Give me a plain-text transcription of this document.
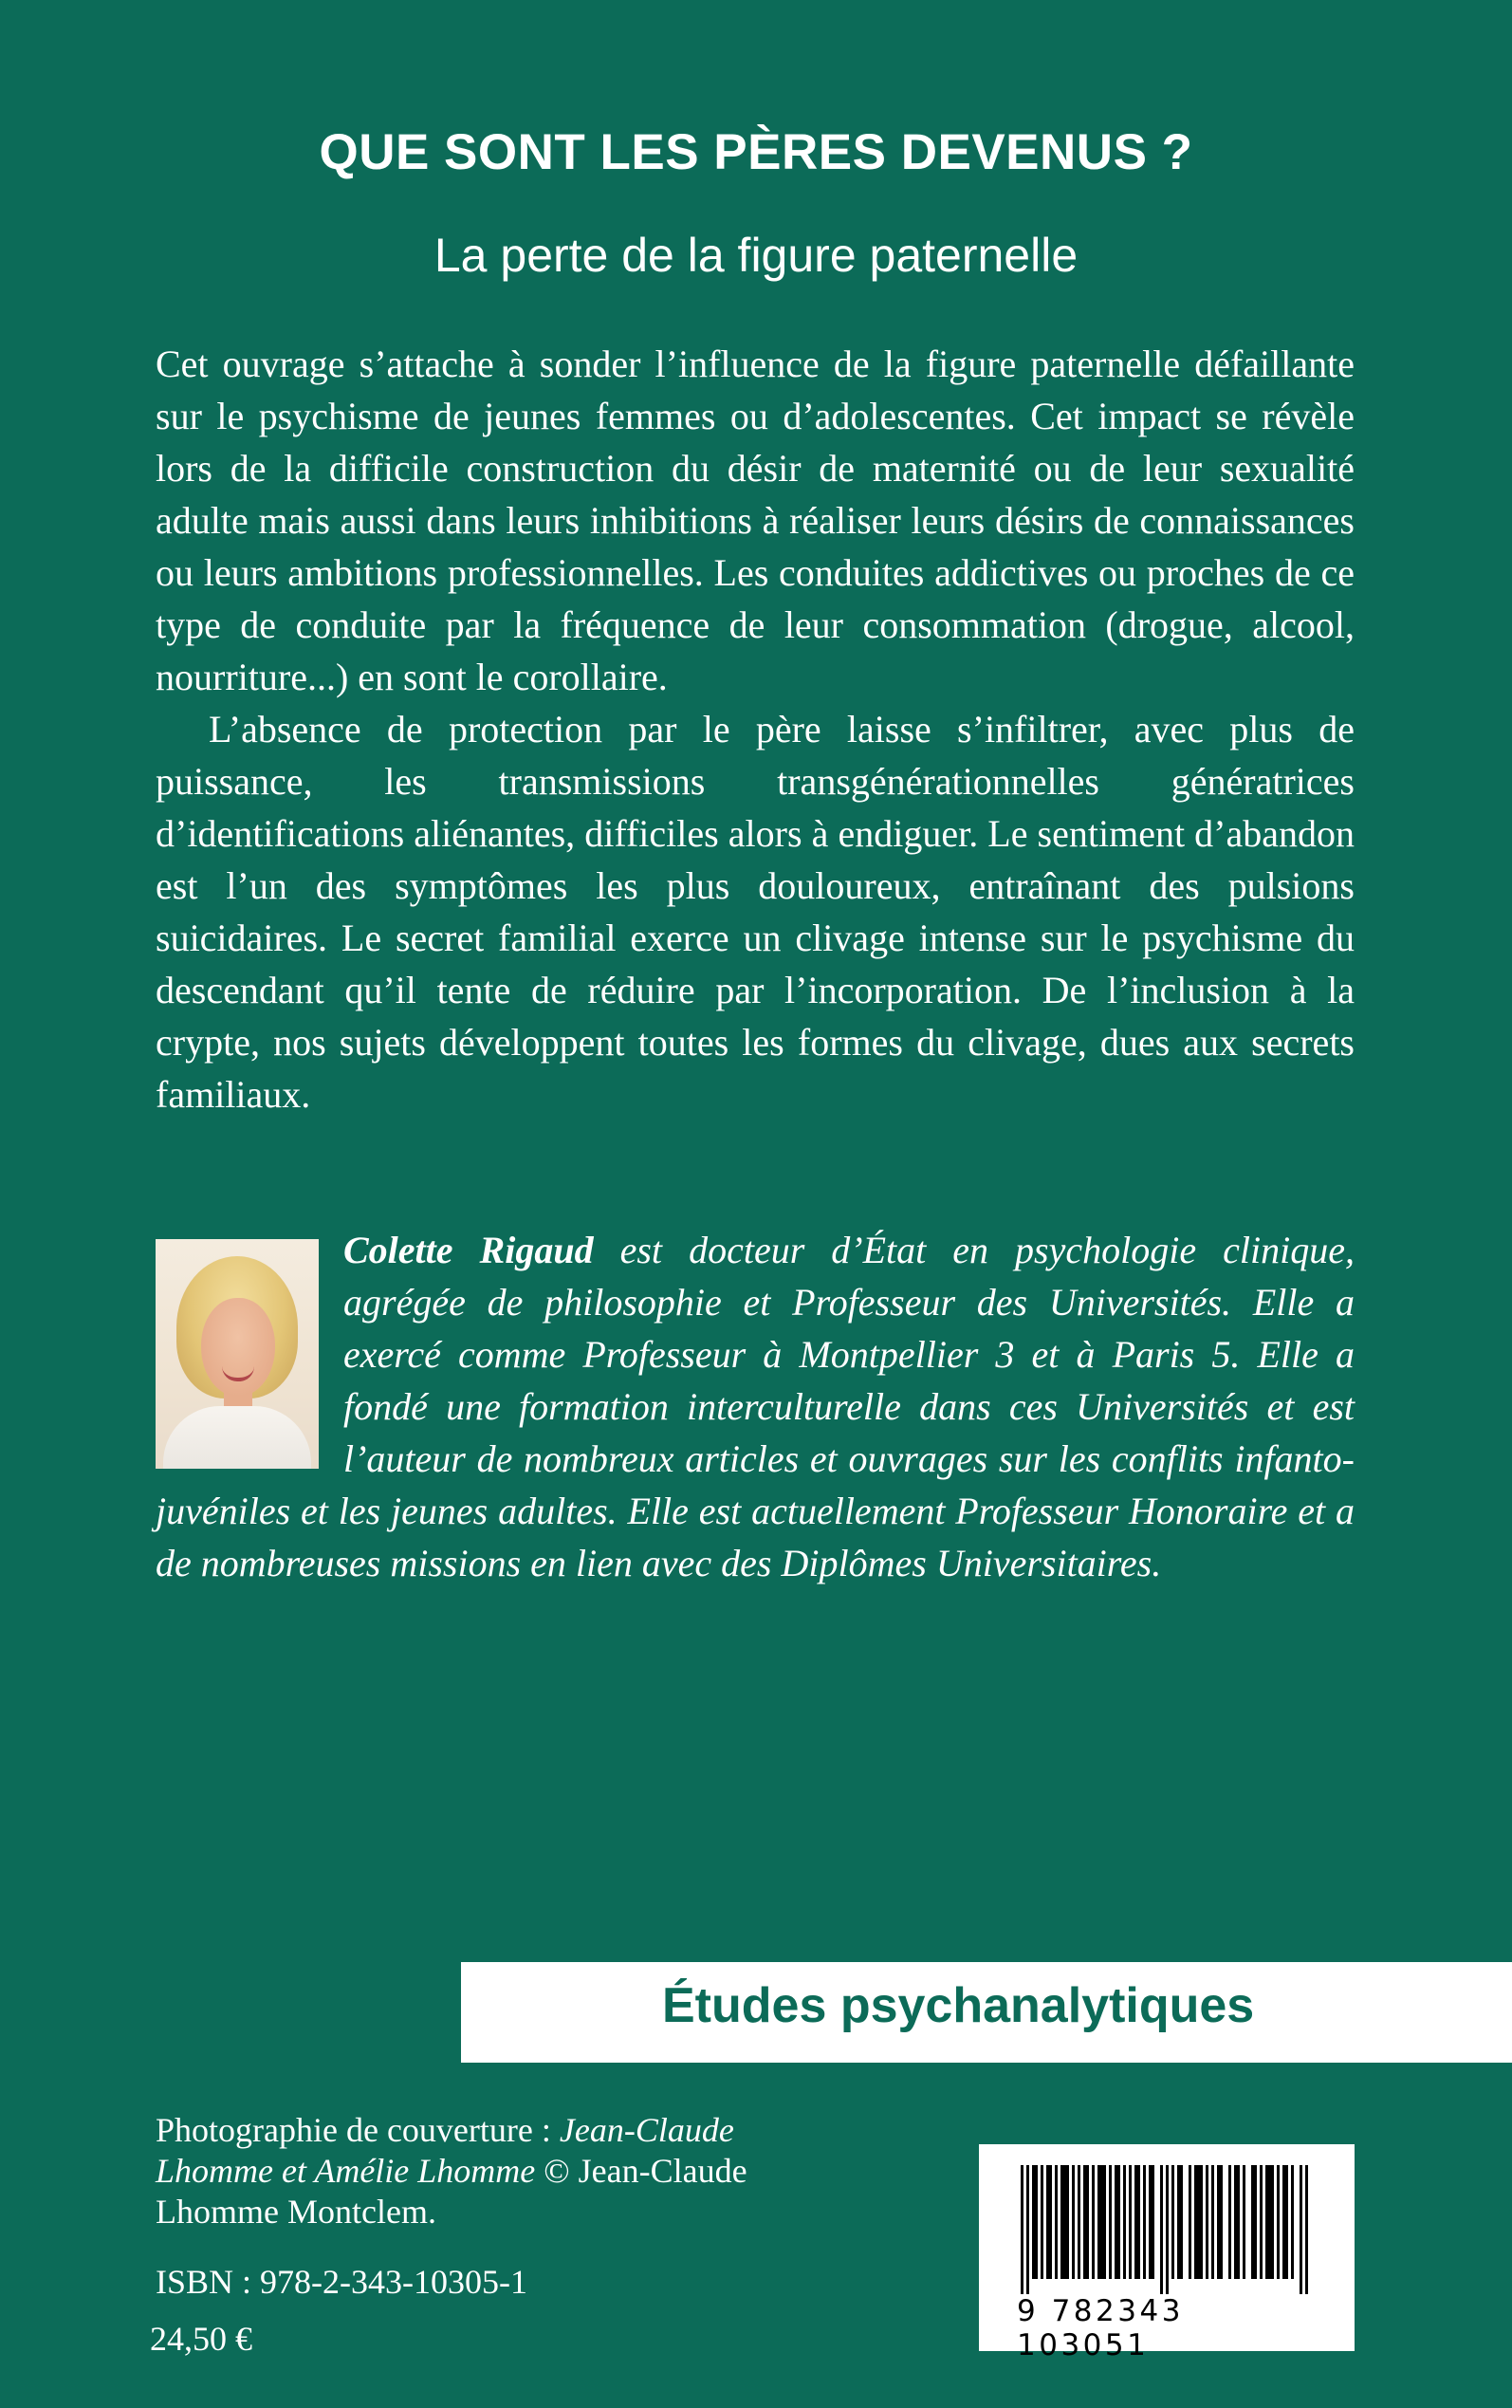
QUE SONT LES PÈRES DEVENUS ?
La perte de la figure paternelle

Cet ouvrage s’attache à sonder l’influence de la figure paternelle défaillante sur le psychisme de jeunes femmes ou d’adolescentes. Cet impact se révèle lors de la difficile construction du désir de maternité ou de leur sexualité adulte mais aussi dans leurs inhibitions à réaliser leurs désirs de connaissances ou leurs ambitions professionnelles. Les conduites addictives ou proches de ce type de conduite par la fréquence de leur consommation (drogue, alcool, nourriture...) en sont le corollaire.

L’absence de protection par le père laisse s’infiltrer, avec plus de puissance, les transmissions transgénérationnelles génératrices d’identifications aliénantes, difficiles alors à endiguer. Le sentiment d’abandon est l’un des symptômes les plus douloureux, entraînant des pulsions suicidaires. Le secret familial exerce un clivage intense sur le psychisme du descendant qu’il tente de réduire par l’incorporation. De l’inclusion à la crypte, nos sujets développent toutes les formes du clivage, dues aux secrets familiaux.

Colette Rigaud est docteur d’État en psychologie clinique, agrégée de philosophie et Professeur des Universités. Elle a exercé comme Professeur à Montpellier 3 et à Paris 5. Elle a fondé une formation interculturelle dans ces Universités et est l’auteur de nombreux articles et ouvrages sur les conflits infanto-juvéniles et les jeunes adultes. Elle est actuellement Professeur Honoraire et a de nombreuses missions en lien avec des Diplômes Universitaires.
Études psychanalytiques
Photographie de couverture : Jean-Claude Lhomme et Amélie Lhomme © Jean-Claude Lhomme Montclem.
ISBN : 978-2-343-10305-1
24,50 €
9 782343 103051
